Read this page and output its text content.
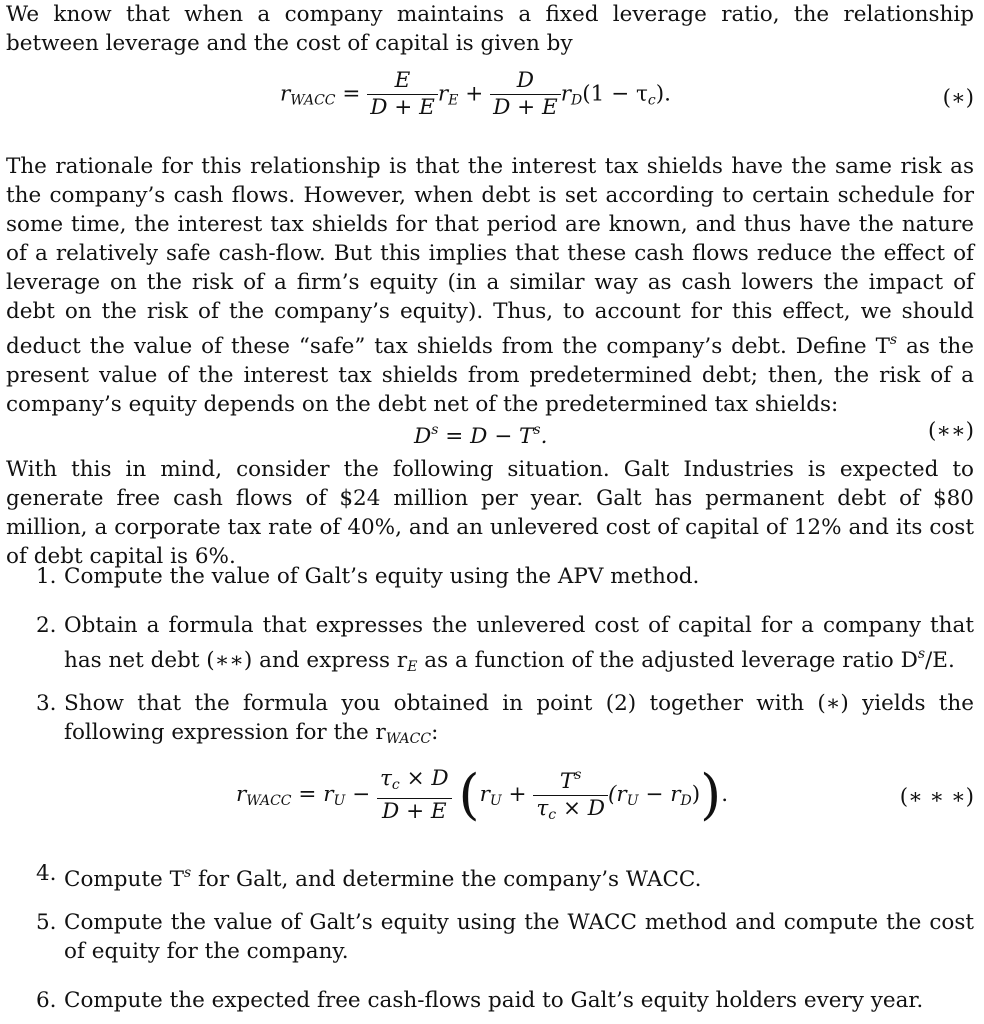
We know that when a company maintains a fixed leverage ratio, the relationship between leverage and the cost of capital is given by

$r_{WACC} = \frac{E}{D + E} r_E + \frac{D}{D + E} r_D(1 - \tau_c)$.	(∗)

The rationale for this relationship is that the interest tax shields have the same risk as the company’s cash flows. However, when debt is set according to certain schedule for some time, the interest tax shields for that period are known, and thus have the nature of a relatively safe cash-flow. But this implies that these cash flows reduce the effect of leverage on the risk of a firm’s equity (in a similar way as cash lowers the impact of debt on the risk of the company’s equity). Thus, to account for this effect, we should deduct the value of these “safe” tax shields from the company’s debt. Define $T^s$ as the present value of the interest tax shields from predetermined debt; then, the risk of a company’s equity depends on the debt net of the predetermined tax shields:

$D^s = D - T^s$.	(∗∗)

With this in mind, consider the following situation. Galt Industries is expected to generate free cash flows of $24 million per year. Galt has permanent debt of $80 million, a corporate tax rate of 40%, and an unlevered cost of capital of 12% and its cost of debt capital is 6%.

1. Compute the value of Galt’s equity using the APV method.
2. Obtain a formula that expresses the unlevered cost of capital for a company that has net debt (∗∗) and express $r_E$ as a function of the adjusted leverage ratio $D^s/E$.
3. Show that the formula you obtained in point (2) together with (∗) yields the following expression for the $r_{WACC}$:
$r_{WACC} = r_U - \frac{\tau_c \times D}{D + E} (r_U + \frac{T^s}{\tau_c \times D} (r_U - r_D))$.	(∗ ∗ ∗)
4. Compute $T^s$ for Galt, and determine the company’s WACC.
5. Compute the value of Galt’s equity using the WACC method and compute the cost of equity for the company.
6. Compute the expected free cash-flows paid to Galt’s equity holders every year.
